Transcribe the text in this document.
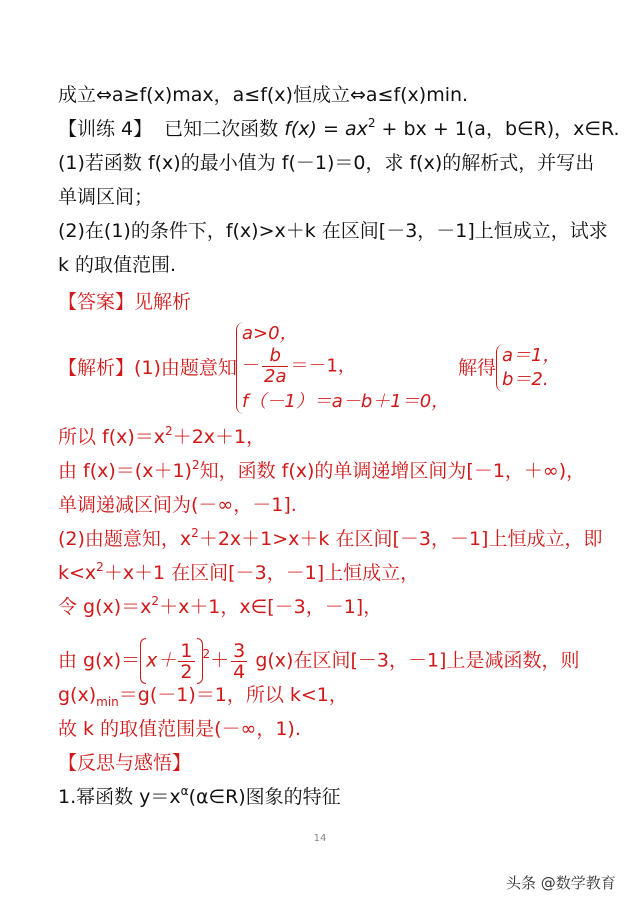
成立⇔a≥f(x)max，a≤f(x)恒成立⇔a≤f(x)min.
【训练 4】 已知二次函数 $f(x) = ax^2$ + bx + 1(a，b∈R)，x∈R.
(1)若函数 f(x)的最小值为 f(－1)＝0，求 f(x)的解析式，并写出
单调区间；
(2)在(1)的条件下，f(x)>x＋k 在区间[－3，－1]上恒成立，试求
k 的取值范围.
【答案】见解析
【解析】(1)由题意知
a>0，
－ $\frac{b}{2a} =-1$，
f（－1）＝a－b＋1＝0，
解得
a＝1，
b＝2.
所以 $f(x)=x^2+2x+1$，
由 $f(x)=(x+1)^2$知，函数 f(x)的单调递增区间为[－1，＋∞)，
单调递减区间为(－∞，－1].
(2)由题意知，$x^2+2x+1>x+k$ 在区间[－3，－1]上恒成立，即
$k<x^2+x+1$ 在区间[－3，－1]上恒成立，
令 $g(x)=x^2+x+1$，x∈[－3，－1]，
由 $g(x)= x+ \frac{1}{2} ^2+ \frac{3}{4} g(x)$在区间[－3，－1]上是减函数，则
$g(x)_{min}=g(-1)=1$，所以 k<1，
故 k 的取值范围是(－∞，1).
【反思与感悟】
1.幂函数 $y=x^\alpha(\alpha\in R)$图象的特征
14
头条 @数学教育
